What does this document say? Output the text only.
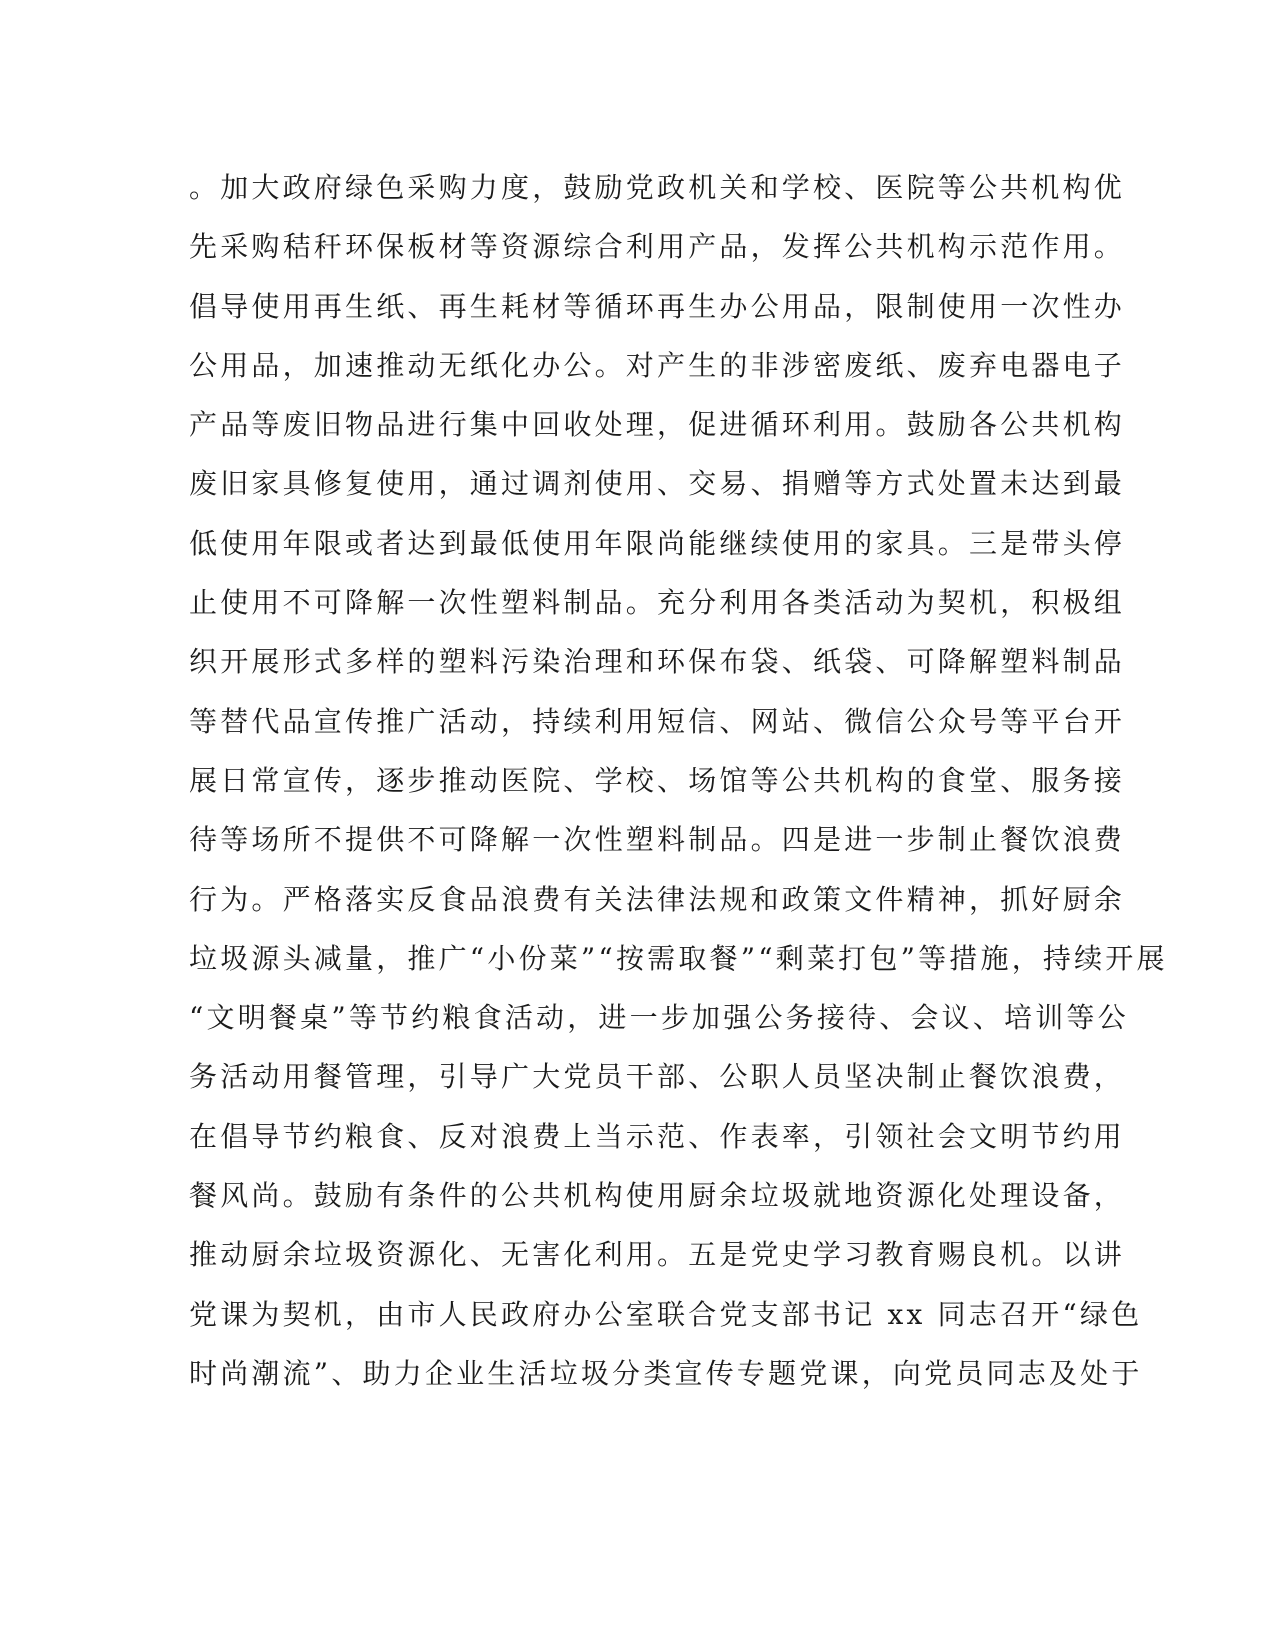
。加大政府绿色采购力度，鼓励党政机关和学校、医院等公共机构优
先采购秸秆环保板材等资源综合利用产品，发挥公共机构示范作用。
倡导使用再生纸、再生耗材等循环再生办公用品，限制使用一次性办
公用品，加速推动无纸化办公。对产生的非涉密废纸、废弃电器电子
产品等废旧物品进行集中回收处理，促进循环利用。鼓励各公共机构
废旧家具修复使用，通过调剂使用、交易、捐赠等方式处置未达到最
低使用年限或者达到最低使用年限尚能继续使用的家具。三是带头停
止使用不可降解一次性塑料制品。充分利用各类活动为契机，积极组
织开展形式多样的塑料污染治理和环保布袋、纸袋、可降解塑料制品
等替代品宣传推广活动，持续利用短信、网站、微信公众号等平台开
展日常宣传，逐步推动医院、学校、场馆等公共机构的食堂、服务接
待等场所不提供不可降解一次性塑料制品。四是进一步制止餐饮浪费
行为。严格落实反食品浪费有关法律法规和政策文件精神，抓好厨余
垃圾源头减量，推广“小份菜”“按需取餐”“剩菜打包”等措施，持续开展
“文明餐桌”等节约粮食活动，进一步加强公务接待、会议、培训等公
务活动用餐管理，引导广大党员干部、公职人员坚决制止餐饮浪费，
在倡导节约粮食、反对浪费上当示范、作表率，引领社会文明节约用
餐风尚。鼓励有条件的公共机构使用厨余垃圾就地资源化处理设备，
推动厨余垃圾资源化、无害化利用。五是党史学习教育赐良机。以讲
党课为契机，由市人民政府办公室联合党支部书记 xx 同志召开“绿色
时尚潮流”、助力企业生活垃圾分类宣传专题党课，向党员同志及处于
